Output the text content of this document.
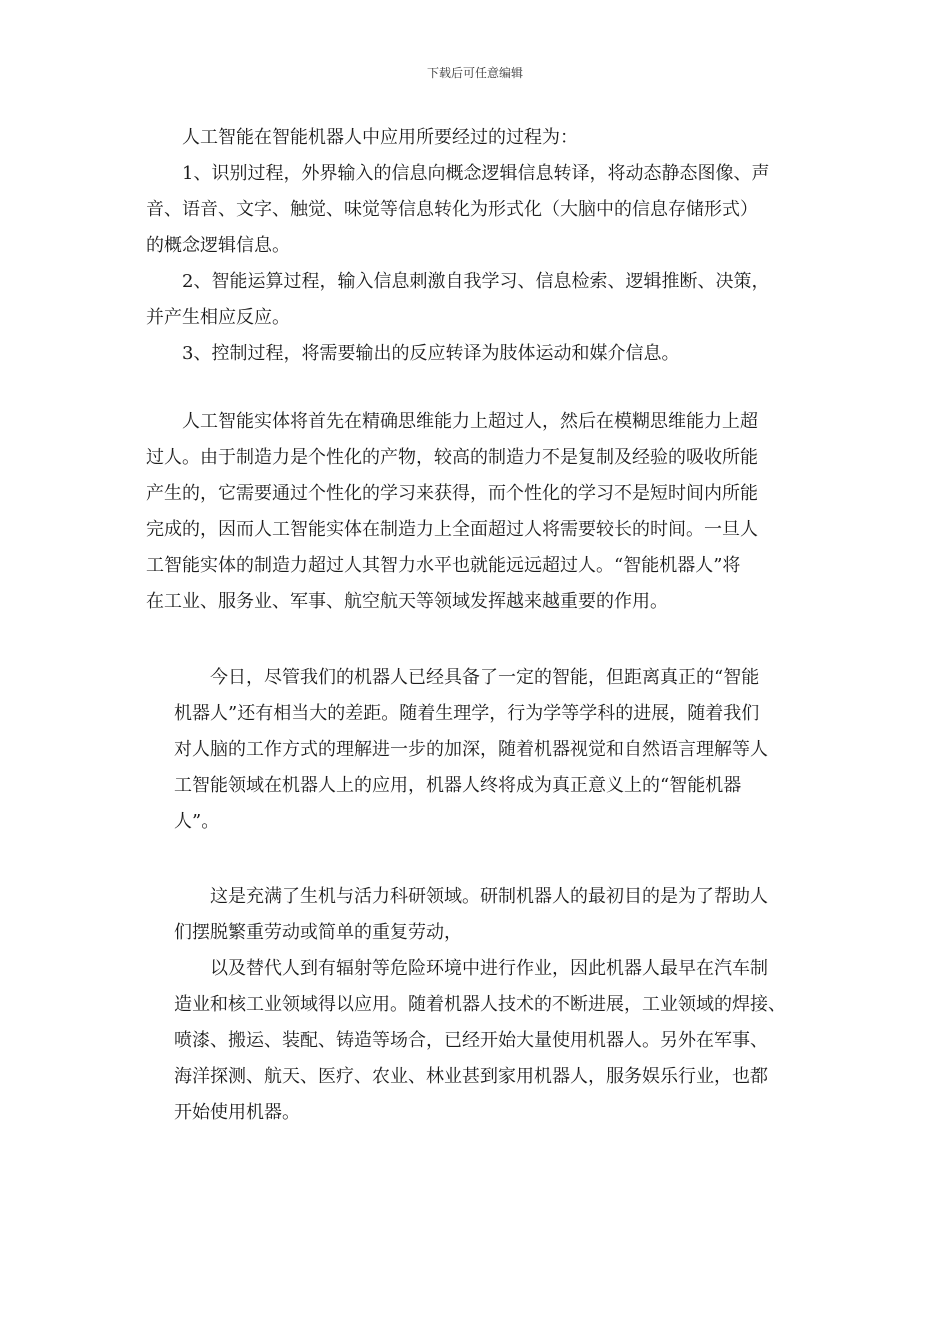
下载后可任意编辑
人工智能在智能机器人中应用所要经过的过程为：
1、识别过程，外界输入的信息向概念逻辑信息转译，将动态静态图像、声
音、语音、文字、触觉、味觉等信息转化为形式化（大脑中的信息存储形式）
的概念逻辑信息。
2、智能运算过程，输入信息刺激自我学习、信息检索、逻辑推断、决策，
并产生相应反应。
3、控制过程，将需要输出的反应转译为肢体运动和媒介信息。
人工智能实体将首先在精确思维能力上超过人，然后在模糊思维能力上超
过人。由于制造力是个性化的产物，较高的制造力不是复制及经验的吸收所能
产生的，它需要通过个性化的学习来获得，而个性化的学习不是短时间内所能
完成的，因而人工智能实体在制造力上全面超过人将需要较长的时间。一旦人
工智能实体的制造力超过人其智力水平也就能远远超过人。“智能机器人”将
在工业、服务业、军事、航空航天等领域发挥越来越重要的作用。
今日，尽管我们的机器人已经具备了一定的智能，但距离真正的“智能
机器人”还有相当大的差距。随着生理学，行为学等学科的进展，随着我们
对人脑的工作方式的理解进一步的加深，随着机器视觉和自然语言理解等人
工智能领域在机器人上的应用，机器人终将成为真正意义上的“智能机器
人”。
这是充满了生机与活力科研领域。研制机器人的最初目的是为了帮助人
们摆脱繁重劳动或简单的重复劳动，
以及替代人到有辐射等危险环境中进行作业，因此机器人最早在汽车制
造业和核工业领域得以应用。随着机器人技术的不断进展，工业领域的焊接、
喷漆、搬运、装配、铸造等场合，已经开始大量使用机器人。另外在军事、
海洋探测、航天、医疗、农业、林业甚到家用机器人，服务娱乐行业，也都
开始使用机器。
